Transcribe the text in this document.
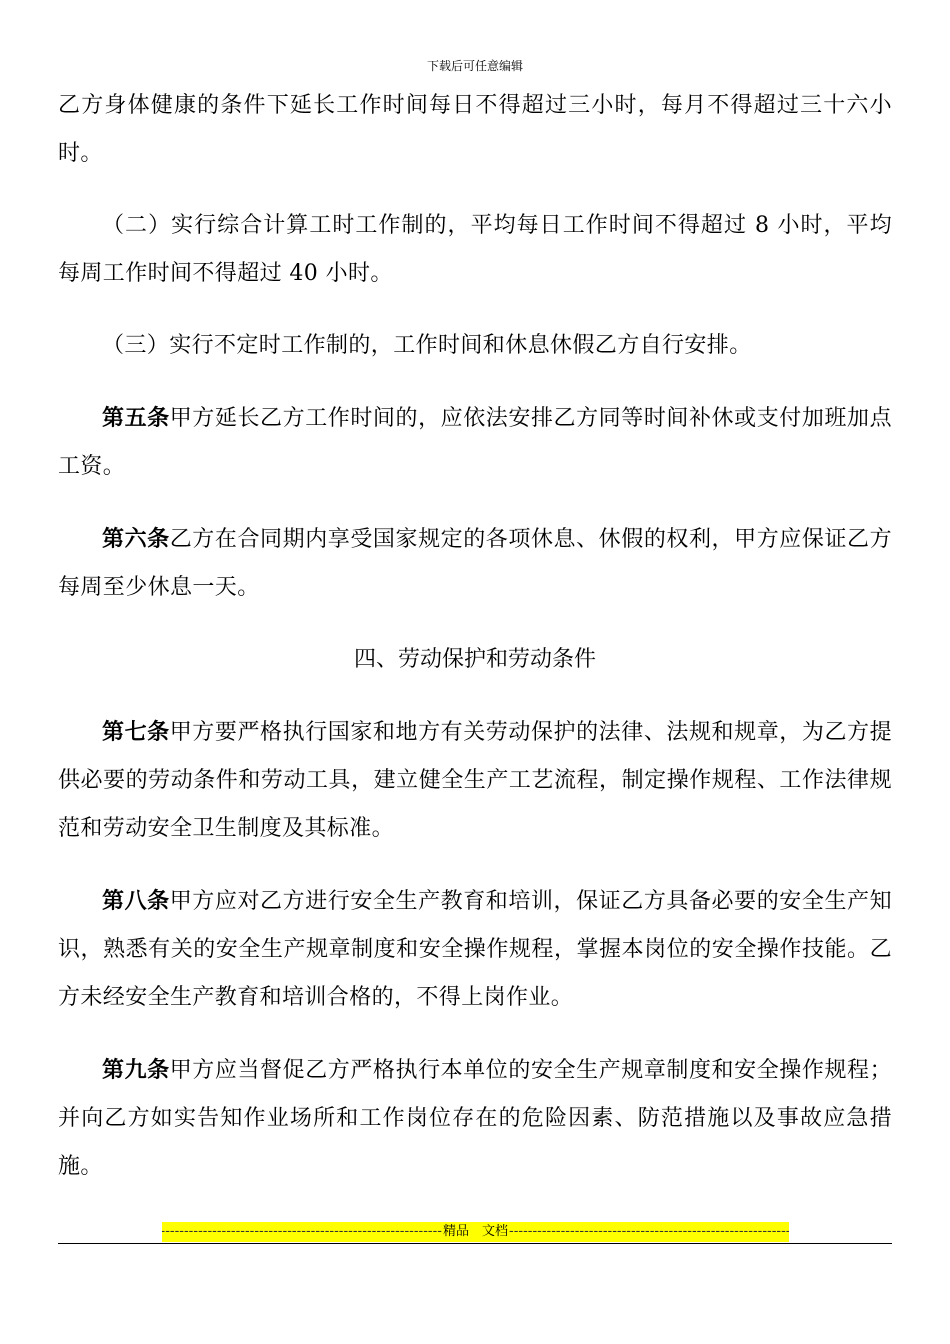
下载后可任意编辑

乙方身体健康的条件下延长工作时间每日不得超过三小时，每月不得超过三十六小时。

（二）实行综合计算工时工作制的，平均每日工作时间不得超过 8 小时，平均每周工作时间不得超过 40 小时。

（三）实行不定时工作制的，工作时间和休息休假乙方自行安排。

第五条甲方延长乙方工作时间的，应依法安排乙方同等时间补休或支付加班加点工资。

第六条乙方在合同期内享受国家规定的各项休息、休假的权利，甲方应保证乙方每周至少休息一天。

四、劳动保护和劳动条件

第七条甲方要严格执行国家和地方有关劳动保护的法律、法规和规章，为乙方提供必要的劳动条件和劳动工具，建立健全生产工艺流程，制定操作规程、工作法律规范和劳动安全卫生制度及其标准。

第八条甲方应对乙方进行安全生产教育和培训，保证乙方具备必要的安全生产知识，熟悉有关的安全生产规章制度和安全操作规程，掌握本岗位的安全操作技能。乙方未经安全生产教育和培训合格的，不得上岗作业。

第九条甲方应当督促乙方严格执行本单位的安全生产规章制度和安全操作规程；并向乙方如实告知作业场所和工作岗位存在的危险因素、防范措施以及事故应急措施。

-----
精品　文档
-----
